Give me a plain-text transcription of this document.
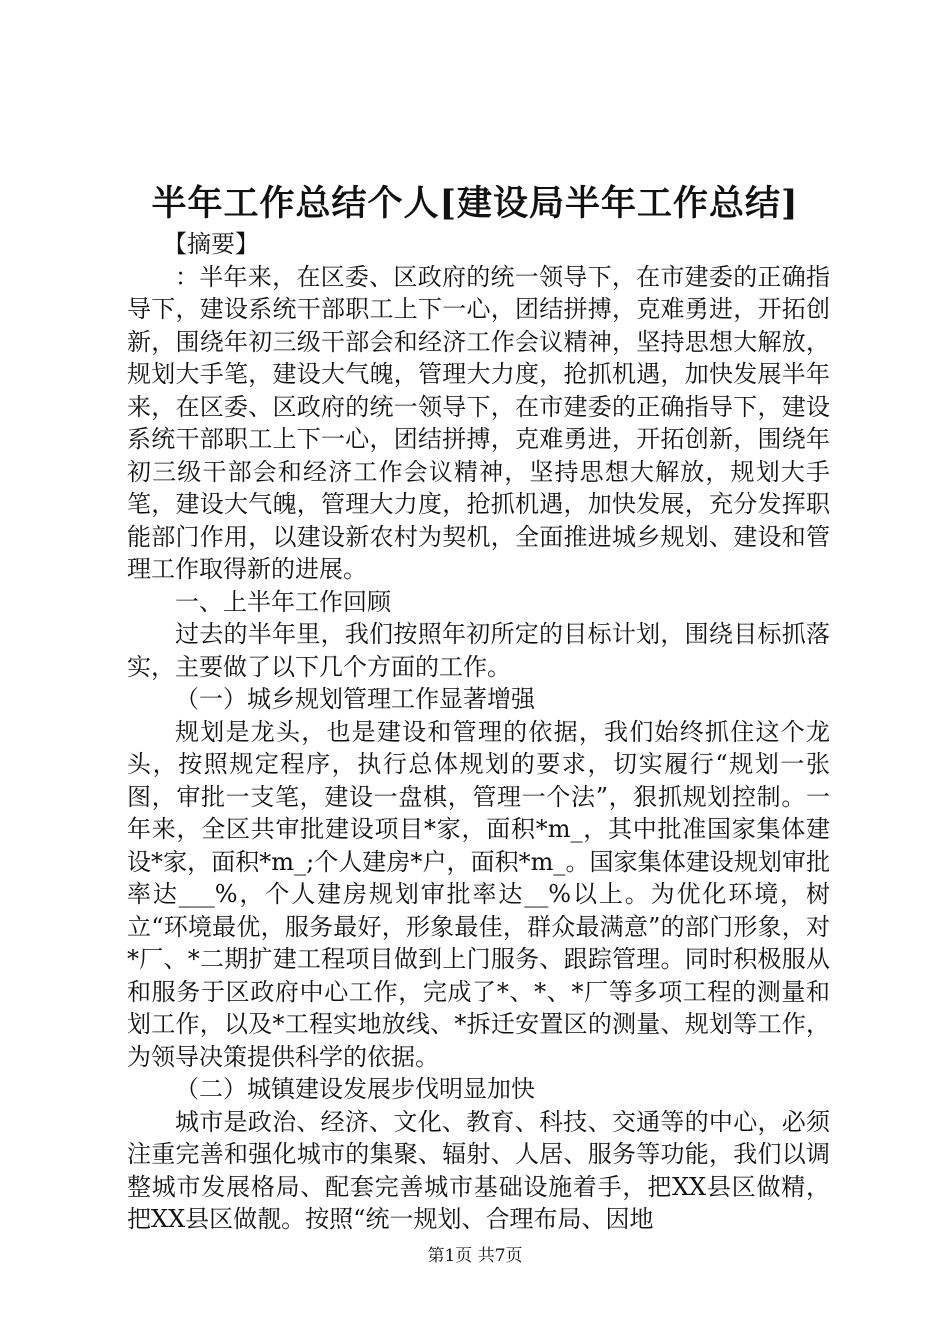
半年工作总结个人[建设局半年工作总结]

【摘要】

：半年来，在区委、区政府的统一领导下，在市建委的正确指导下，建设系统干部职工上下一心，团结拼搏，克难勇进，开拓创新，围绕年初三级干部会和经济工作会议精神，坚持思想大解放，规划大手笔，建设大气魄，管理大力度，抢抓机遇，加快发展半年来，在区委、区政府的统一领导下，在市建委的正确指导下，建设系统干部职工上下一心，团结拼搏，克难勇进，开拓创新，围绕年初三级干部会和经济工作会议精神，坚持思想大解放，规划大手笔，建设大气魄，管理大力度，抢抓机遇，加快发展，充分发挥职能部门作用，以建设新农村为契机，全面推进城乡规划、建设和管理工作取得新的进展。

一、上半年工作回顾

过去的半年里，我们按照年初所定的目标计划，围绕目标抓落实，主要做了以下几个方面的工作。

（一）城乡规划管理工作显著增强

规划是龙头，也是建设和管理的依据，我们始终抓住这个龙头，按照规定程序，执行总体规划的要求，切实履行“规划一张图，审批一支笔，建设一盘棋，管理一个法”，狠抓规划控制。一年来，全区共审批建设项目*家，面积*m_，其中批准国家集体建设*家，面积*m_;个人建房*户，面积*m_。国家集体建设规划审批率达___%，个人建房规划审批率达__%以上。为优化环境，树立“环境最优，服务最好，形象最佳，群众最满意”的部门形象，对*厂、*二期扩建工程项目做到上门服务、跟踪管理。同时积极服从和服务于区政府中心工作，完成了*、*、*厂等多项工程的测量和划工作，以及*工程实地放线、*拆迁安置区的测量、规划等工作，为领导决策提供科学的依据。

（二）城镇建设发展步伐明显加快

城市是政治、经济、文化、教育、科技、交通等的中心，必须注重完善和强化城市的集聚、辐射、人居、服务等功能，我们以调整城市发展格局、配套完善城市基础设施着手，把XX县区做精，把XX县区做靓。按照“统一规划、合理布局、因地

第1页 共7页
